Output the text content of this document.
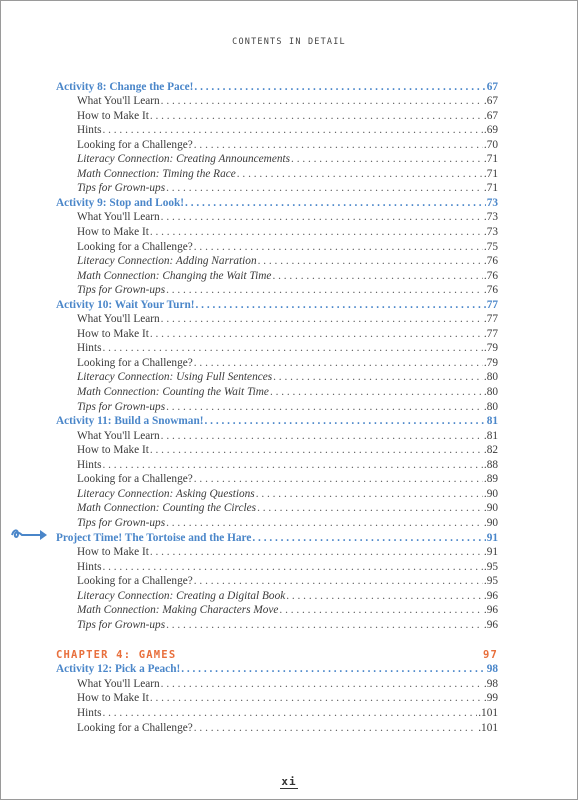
CONTENTS IN DETAIL
Activity 8: Change the Pace! . . .	67
What You'll Learn . . .	.67
How to Make It . . .	.67
Hints . . .	.69
Looking for a Challenge? . . .	.70
Literacy Connection: Creating Announcements . . .	.71
Math Connection: Timing the Race . . .	.71
Tips for Grown-ups . . .	.71
Activity 9: Stop and Look! . . .	73
What You'll Learn . . .	.73
How to Make It . . .	.73
Looking for a Challenge? . . .	.75
Literacy Connection: Adding Narration . . .	.76
Math Connection: Changing the Wait Time . . .	.76
Tips for Grown-ups . . .	.76
Activity 10: Wait Your Turn! . . .	77
What You'll Learn . . .	.77
How to Make It . . .	.77
Hints . . .	.79
Looking for a Challenge? . . .	.79
Literacy Connection: Using Full Sentences . . .	.80
Math Connection: Counting the Wait Time . . .	.80
Tips for Grown-ups . . .	.80
Activity 11: Build a Snowman! . . .	81
What You'll Learn . . .	.81
How to Make It . . .	.82
Hints . . .	.88
Looking for a Challenge? . . .	.89
Literacy Connection: Asking Questions . . .	.90
Math Connection: Counting the Circles . . .	.90
Tips for Grown-ups . . .	.90
Project Time! The Tortoise and the Hare . . .	91
How to Make It . . .	.91
Hints . . .	.95
Looking for a Challenge? . . .	.95
Literacy Connection: Creating a Digital Book . . .	.96
Math Connection: Making Characters Move . . .	.96
Tips for Grown-ups . . .	.96
CHAPTER 4: GAMES	97
Activity 12: Pick a Peach! . . .	98
What You'll Learn . . .	.98
How to Make It . . .	.99
Hints . . .	.101
Looking for a Challenge? . . .	.101
xi
